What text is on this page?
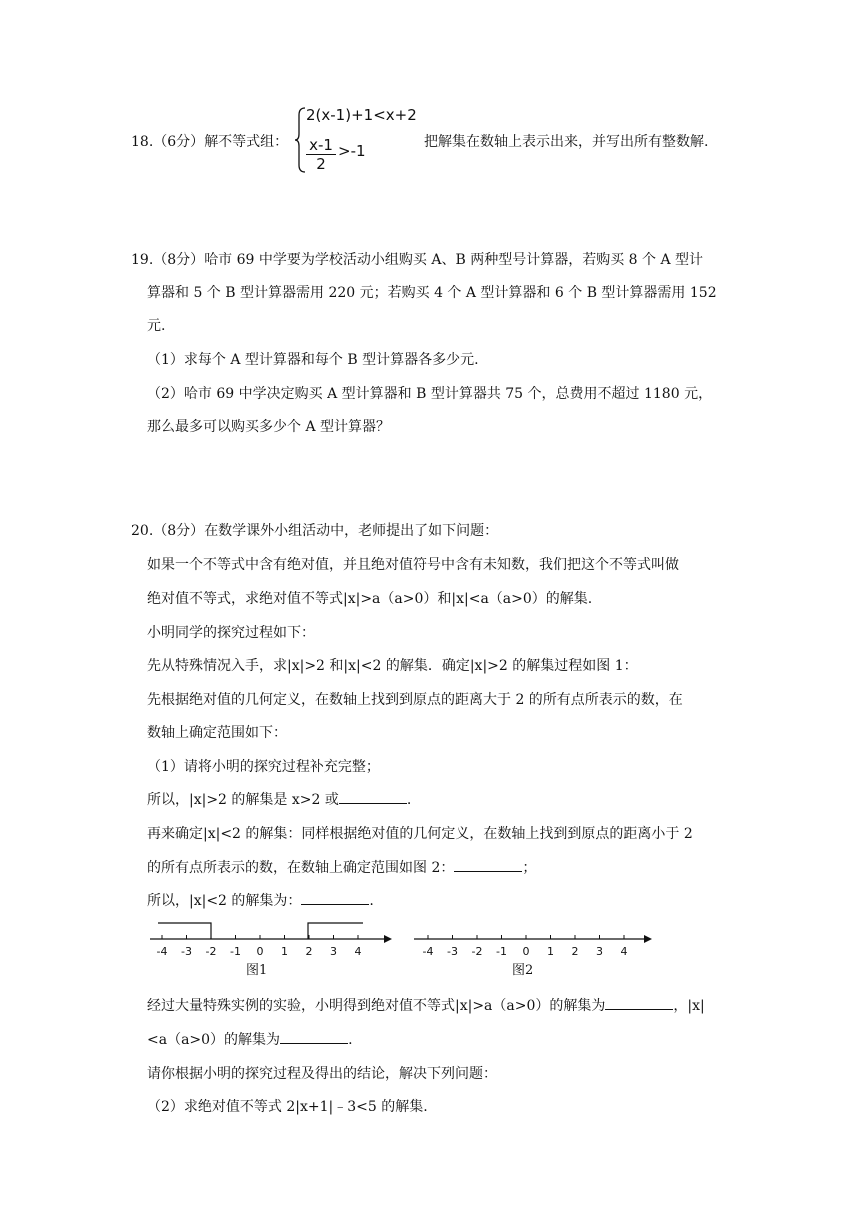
18.（6分）解不等式组：
2(x-1)+1<x+2
$\frac{x-1}{2} >-1$	把解集在数轴上表示出来，并写出所有整数解.
19.（8分）哈市 69 中学要为学校活动小组购买 A、B 两种型号计算器，若购买 8 个 A 型计
算器和 5 个 B 型计算器需用 220 元；若购买 4 个 A 型计算器和 6 个 B 型计算器需用 152
元.
（1）求每个 A 型计算器和每个 B 型计算器各多少元.
（2）哈市 69 中学决定购买 A 型计算器和 B 型计算器共 75 个，总费用不超过 1180 元，
那么最多可以购买多少个 A 型计算器？
20.（8分）在数学课外小组活动中，老师提出了如下问题：
如果一个不等式中含有绝对值，并且绝对值符号中含有未知数，我们把这个不等式叫做
绝对值不等式，求绝对值不等式|x|>a（a>0）和|x|<a（a>0）的解集.
小明同学的探究过程如下：
先从特殊情况入手，求|x|>2 和|x|<2 的解集．确定|x|>2 的解集过程如图 1：
先根据绝对值的几何定义，在数轴上找到到原点的距离大于 2 的所有点所表示的数，在
数轴上确定范围如下：
（1）请将小明的探究过程补充完整；
所以，|x|>2 的解集是 x>2 或	.
再来确定|x|<2 的解集：同样根据绝对值的几何定义，在数轴上找到到原点的距离小于 2
的所有点所表示的数，在数轴上确定范围如图 2：	；
所以，|x|<2 的解集为：	.
-4 -3 -2 -1 0 1 2 3 4
图1
-4 -3 -2 -1 0 1 2 3 4
图2
经过大量特殊实例的实验，小明得到绝对值不等式|x|>a（a>0）的解集为	，|x|
<a（a>0）的解集为	.
请你根据小明的探究过程及得出的结论，解决下列问题：
（2）求绝对值不等式 2|x+1|﹣3<5 的解集.
